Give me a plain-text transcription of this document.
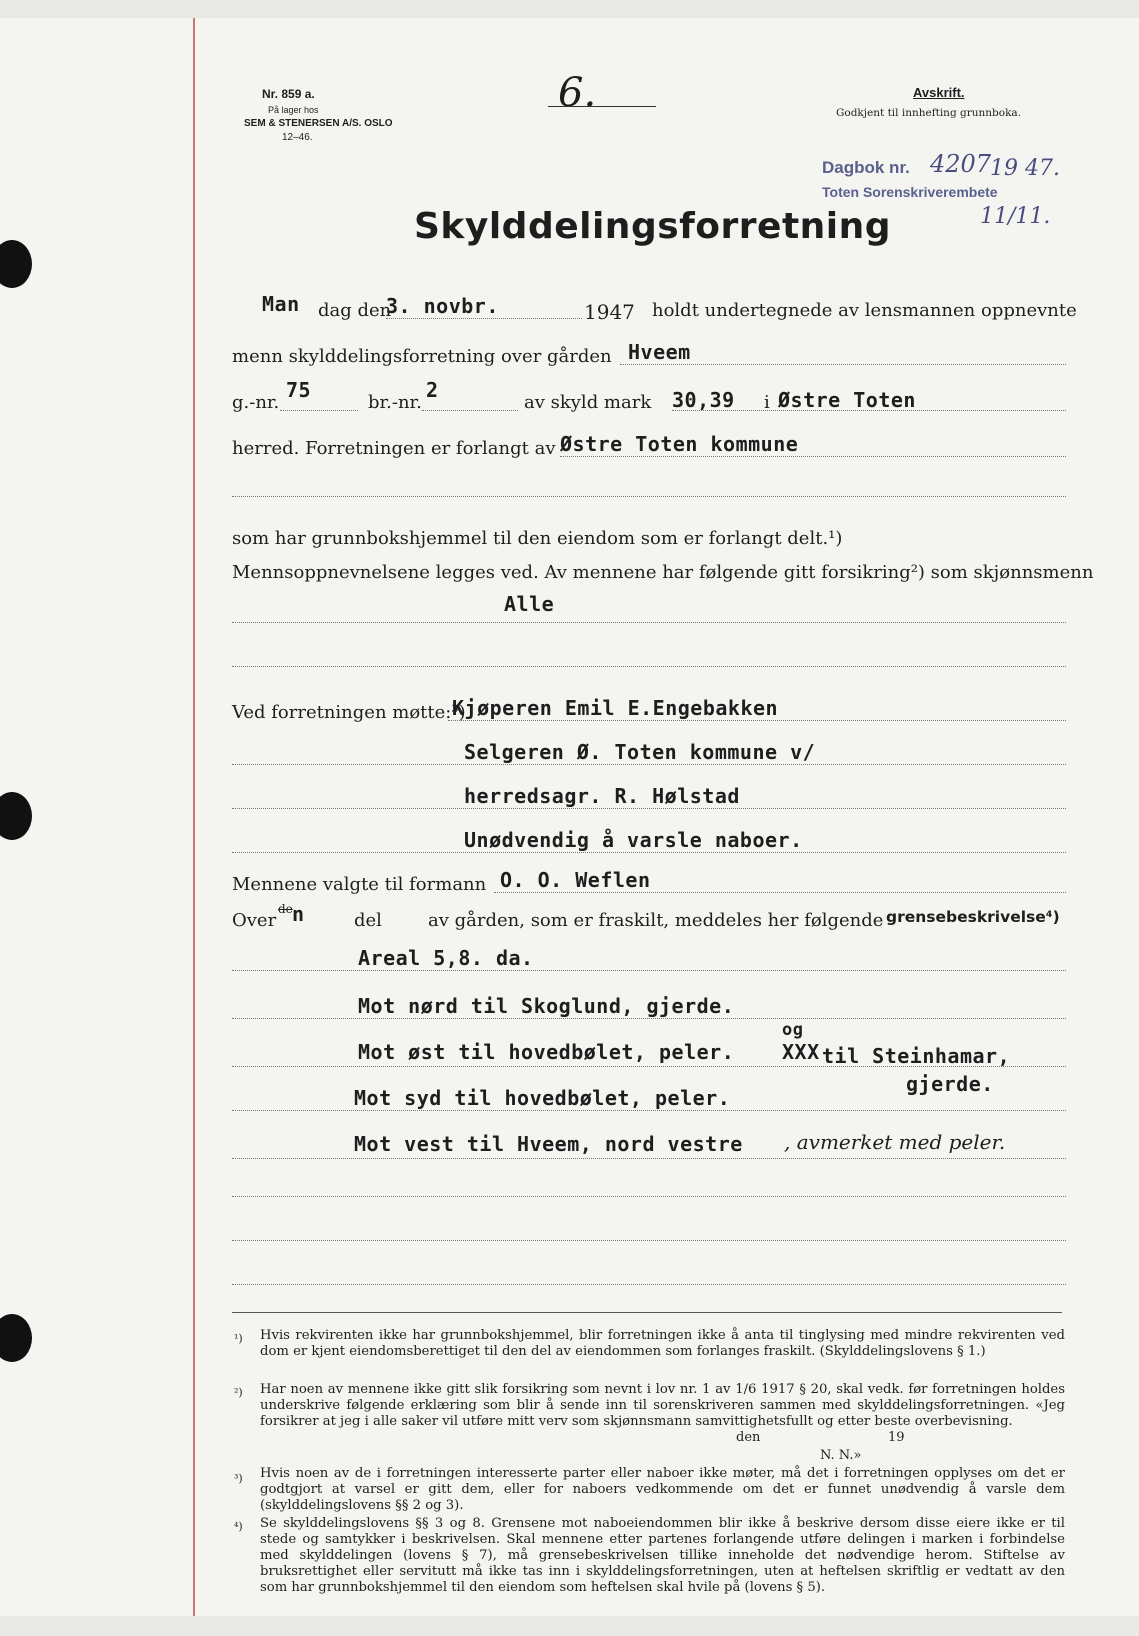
Nr. 859 a.
På lager hos
SEM & STENERSEN A/S. OSLO
12–46.
6.	Avskrift.
Godkjent til innhefting grunnboka.
Dagbok nr. 4207
19 47.
Toten Sorenskriverembete
11/11.
Skylddelingsforretning
Man dag den
3. novbr.	1947 holdt undertegnede av lensmannen oppnevnte
menn skylddelingsforretning over gården Hveem
g.-nr.
75
br.-nr.
2
av skyld mark 30,39 i Østre Toten
herred. Forretningen er forlangt av Østre Toten kommune
som har grunnbokshjemmel til den eiendom som er forlangt delt.¹)
Mennsoppnevnelsene legges ved. Av mennene har følgende gitt forsikring²) som skjønnsmenn
Alle
Ved forretningen møtte:³)
Kjøperen Emil E.Engebakken
Selgeren Ø. Toten kommune v/
herredsagr. R. Hølstad
Unødvendig å varsle naboer.
Mennene valgte til formann O. O. Weflen
Over
de n	del	av gården, som er fraskilt, meddeles her følgende grensebeskrivelse⁴)
Areal 5,8. da.
Mot nørd til Skoglund, gjerde.
Mot øst til hovedbølet, peler.
og
XXX til Steinhamar,
gjerde.
Mot syd til hovedbølet, peler.
Mot vest til Hveem, nord vestre , avmerket med peler.
¹) Hvis rekvirenten ikke har grunnbokshjemmel, blir forretningen ikke å anta til tinglysing med mindre rekvirenten ved dom er kjent eiendomsberettiget til den del av eiendommen som forlanges fraskilt. (Skylddelingslovens § 1.)
²) Har noen av mennene ikke gitt slik forsikring som nevnt i lov nr. 1 av 1/6 1917 § 20, skal vedk. før forretningen holdes underskrive følgende erklæring som blir å sende inn til sorenskriveren sammen med skylddelingsforretningen. «Jeg forsikrer at jeg i alle saker vil utføre mitt verv som skjønnsmann samvittighetsfullt og etter beste overbevisning.
den	19
N. N.»
³) Hvis noen av de i forretningen interesserte parter eller naboer ikke møter, må det i forretningen opplyses om det er godtgjort at varsel er gitt dem, eller for naboers vedkommende om det er funnet unødvendig å varsle dem (skylddelingslovens §§ 2 og 3).
⁴) Se skylddelingslovens §§ 3 og 8. Grensene mot naboeiendommen blir ikke å beskrive dersom disse eiere ikke er til stede og samtykker i beskrivelsen. Skal mennene etter partenes forlangende utføre delingen i marken i forbindelse med skylddelingen (lovens § 7), må grensebeskrivelsen tillike inneholde det nødvendige herom. Stiftelse av bruksrettighet eller servitutt må ikke tas inn i skylddelingsforretningen, uten at heftelsen skriftlig er vedtatt av den som har grunnbokshjemmel til den eiendom som heftelsen skal hvile på (lovens § 5).
